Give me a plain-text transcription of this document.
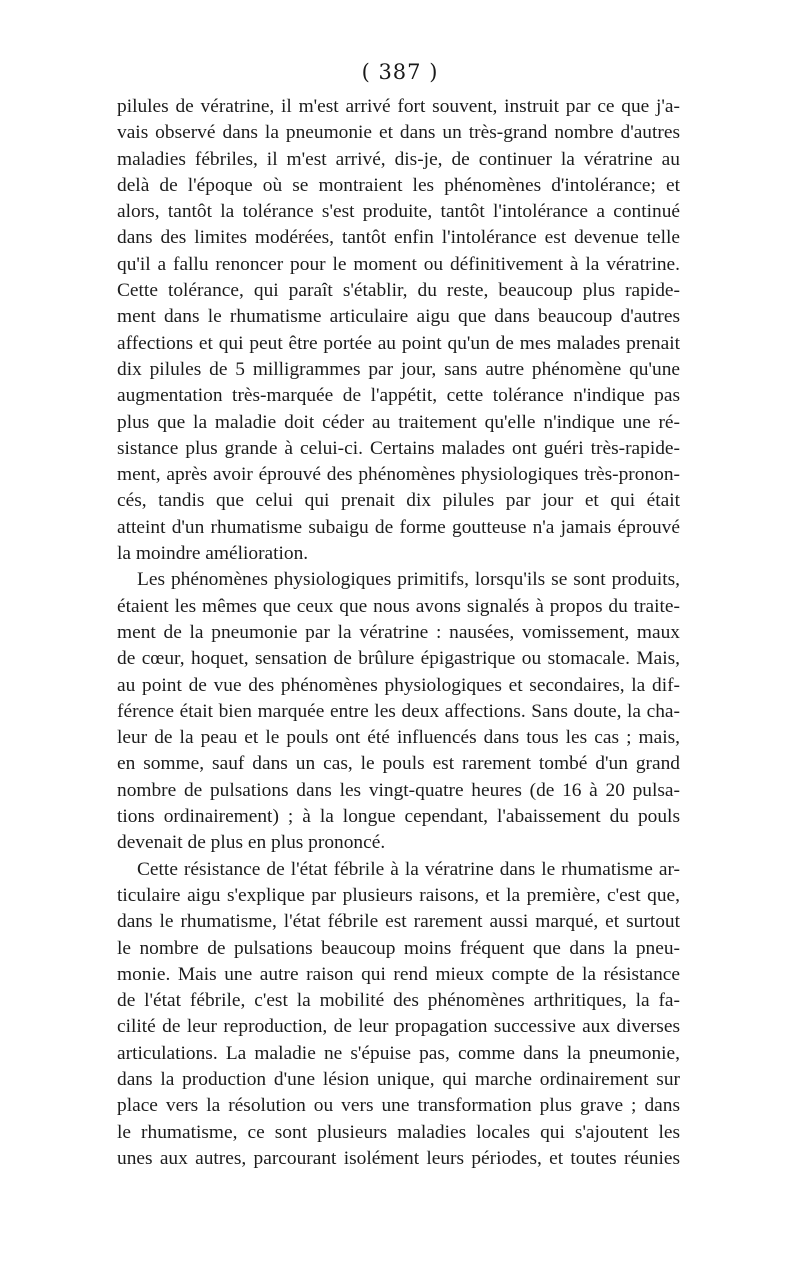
( 387 )
pilules de vératrine, il m'est arrivé fort souvent, instruit par ce que j'a-
vais observé dans la pneumonie et dans un très-grand nombre d'autres
maladies fébriles, il m'est arrivé, dis-je, de continuer la vératrine au
delà de l'époque où se montraient les phénomènes d'intolérance; et
alors, tantôt la tolérance s'est produite, tantôt l'intolérance a continué
dans des limites modérées, tantôt enfin l'intolérance est devenue telle
qu'il a fallu renoncer pour le moment ou définitivement à la vératrine.
Cette tolérance, qui paraît s'établir, du reste, beaucoup plus rapide-
ment dans le rhumatisme articulaire aigu que dans beaucoup d'autres
affections et qui peut être portée au point qu'un de mes malades prenait
dix pilules de 5 milligrammes par jour, sans autre phénomène qu'une
augmentation très-marquée de l'appétit, cette tolérance n'indique pas
plus que la maladie doit céder au traitement qu'elle n'indique une ré-
sistance plus grande à celui-ci. Certains malades ont guéri très-rapide-
ment, après avoir éprouvé des phénomènes physiologiques très-pronon-
cés, tandis que celui qui prenait dix pilules par jour et qui était
atteint d'un rhumatisme subaigu de forme goutteuse n'a jamais éprouvé
la moindre amélioration.
Les phénomènes physiologiques primitifs, lorsqu'ils se sont produits,
étaient les mêmes que ceux que nous avons signalés à propos du traite-
ment de la pneumonie par la vératrine : nausées, vomissement, maux
de cœur, hoquet, sensation de brûlure épigastrique ou stomacale. Mais,
au point de vue des phénomènes physiologiques et secondaires, la dif-
férence était bien marquée entre les deux affections. Sans doute, la cha-
leur de la peau et le pouls ont été influencés dans tous les cas ; mais,
en somme, sauf dans un cas, le pouls est rarement tombé d'un grand
nombre de pulsations dans les vingt-quatre heures (de 16 à 20 pulsa-
tions ordinairement) ; à la longue cependant, l'abaissement du pouls
devenait de plus en plus prononcé.
Cette résistance de l'état fébrile à la vératrine dans le rhumatisme ar-
ticulaire aigu s'explique par plusieurs raisons, et la première, c'est que,
dans le rhumatisme, l'état fébrile est rarement aussi marqué, et surtout
le nombre de pulsations beaucoup moins fréquent que dans la pneu-
monie. Mais une autre raison qui rend mieux compte de la résistance
de l'état fébrile, c'est la mobilité des phénomènes arthritiques, la fa-
cilité de leur reproduction, de leur propagation successive aux diverses
articulations. La maladie ne s'épuise pas, comme dans la pneumonie,
dans la production d'une lésion unique, qui marche ordinairement sur
place vers la résolution ou vers une transformation plus grave ; dans
le rhumatisme, ce sont plusieurs maladies locales qui s'ajoutent les
unes aux autres, parcourant isolément leurs périodes, et toutes réunies
